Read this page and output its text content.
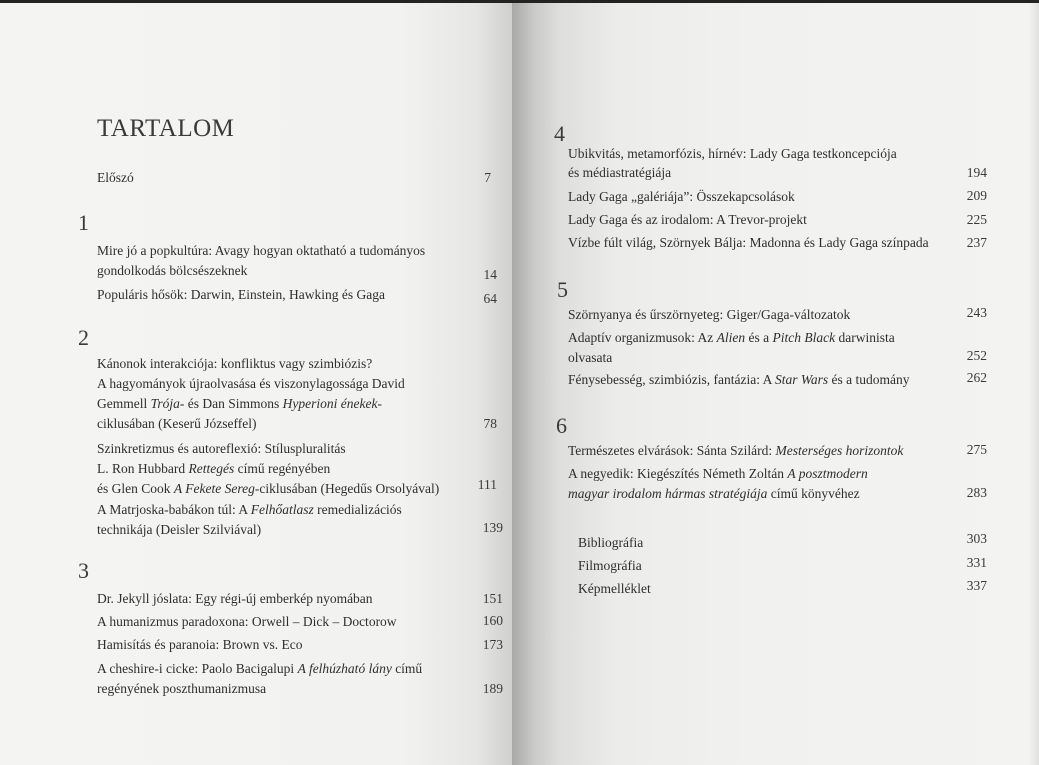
TARTALOM
Előszó	7
1
Mire jó a popkultúra: Avagy hogyan oktatható a tudományos
gondolkodás bölcsészeknek	14
Populáris hősök: Darwin, Einstein, Hawking és Gaga	64
2
Kánonok interakciója: konfliktus vagy szimbiózis?
A hagyományok újraolvasása és viszonylagossága David
Gemmell Trója- és Dan Simmons Hyperioni énekek-
ciklusában (Keserű Józseffel)	78
Szinkretizmus és autoreflexió: Stíluspluralitás
L. Ron Hubbard Rettegés című regényében
és Glen Cook A Fekete Sereg-ciklusában (Hegedűs Orsolyával)	111
A Matrjoska-babákon túl: A Felhőatlasz remedializációs
technikája (Deisler Szilviával)	139
3
Dr. Jekyll jóslata: Egy régi-új emberkép nyomában	151
A humanizmus paradoxona: Orwell – Dick – Doctorow	160
Hamisítás és paranoia: Brown vs. Eco	173
A cheshire-i cicke: Paolo Bacigalupi A felhúzható lány című
regényének poszthumanizmusa	189
4
Ubikvitás, metamorfózis, hírnév: Lady Gaga testkoncepciója
és médiastratégiája	194
Lady Gaga „galériája”: Összekapcsolások	209
Lady Gaga és az irodalom: A Trevor-projekt	225
Vízbe fúlt világ, Szörnyek Bálja: Madonna és Lady Gaga színpada	237
5
Szörnyanya és űrszörnyeteg: Giger/Gaga-változatok	243
Adaptív organizmusok: Az Alien és a Pitch Black darwinista
olvasata	252
Fénysebesség, szimbiózis, fantázia: A Star Wars és a tudomány	262
6
Természetes elvárások: Sánta Szilárd: Mesterséges horizontok	275
A negyedik: Kiegészítés Németh Zoltán A posztmodern
magyar irodalom hármas stratégiája című könyvéhez	283
Bibliográfia	303
Filmográfia	331
Képmelléklet	337
